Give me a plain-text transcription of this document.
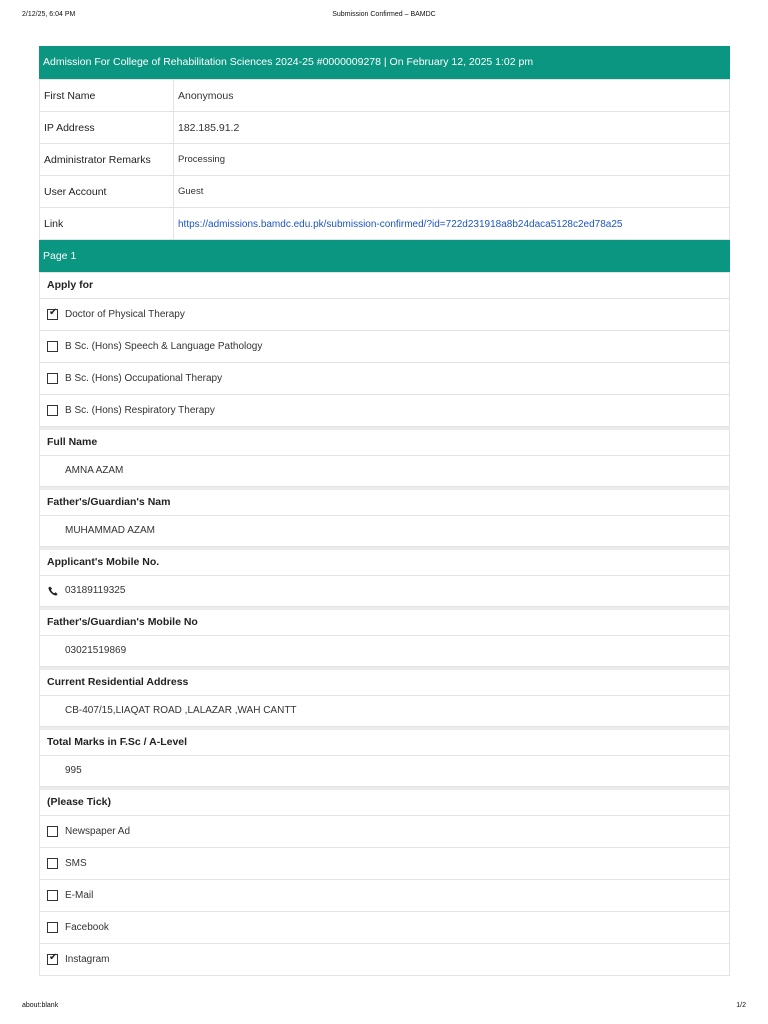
2/12/25, 6:04 PM	Submission Confirmed – BAMDC
Admission For College of Rehabilitation Sciences 2024-25 #0000009278 | On February 12, 2025 1:02 pm
First Name	Anonymous
IP Address	182.185.91.2
Administrator Remarks	Processing
User Account	Guest
Link	https://admissions.bamdc.edu.pk/submission-confirmed/?id=722d231918a8b24daca5128c2ed78a25
Page 1
Apply for
✔ Doctor of Physical Therapy
B Sc. (Hons) Speech & Language Pathology
B Sc. (Hons) Occupational Therapy
B Sc. (Hons) Respiratory Therapy
Full Name
AMNA AZAM
Father's/Guardian's Nam
MUHAMMAD AZAM
Applicant's Mobile No.
03189119325
Father's/Guardian's Mobile No
03021519869
Current Residential Address
CB-407/15,LIAQAT ROAD ,LALAZAR ,WAH CANTT
Total Marks in F.Sc / A-Level
995
(Please Tick)
Newspaper Ad
SMS
E-Mail
Facebook
✔ Instagram
about:blank	1/2
